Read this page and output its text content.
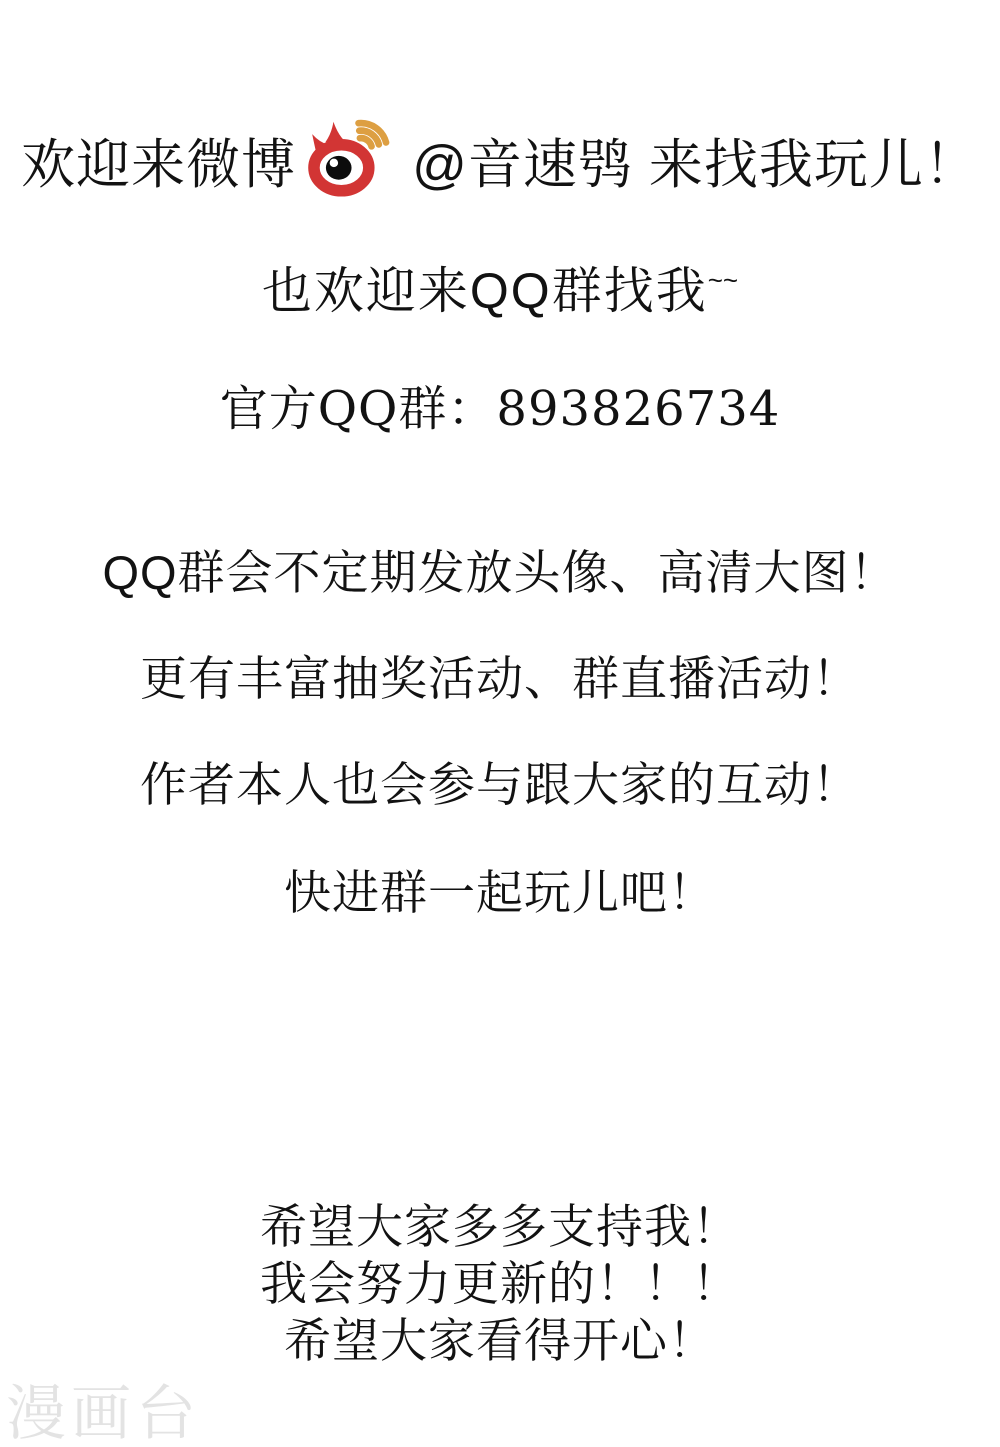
欢迎来微博 @音速鸮 来找我玩儿！
也欢迎来QQ群找我~~
官方QQ群：893826734
QQ群会不定期发放头像、高清大图！
更有丰富抽奖活动、群直播活动！
作者本人也会参与跟大家的互动！
快进群一起玩儿吧！
希望大家多多支持我！
我会努力更新的！！！
希望大家看得开心！
漫画台
